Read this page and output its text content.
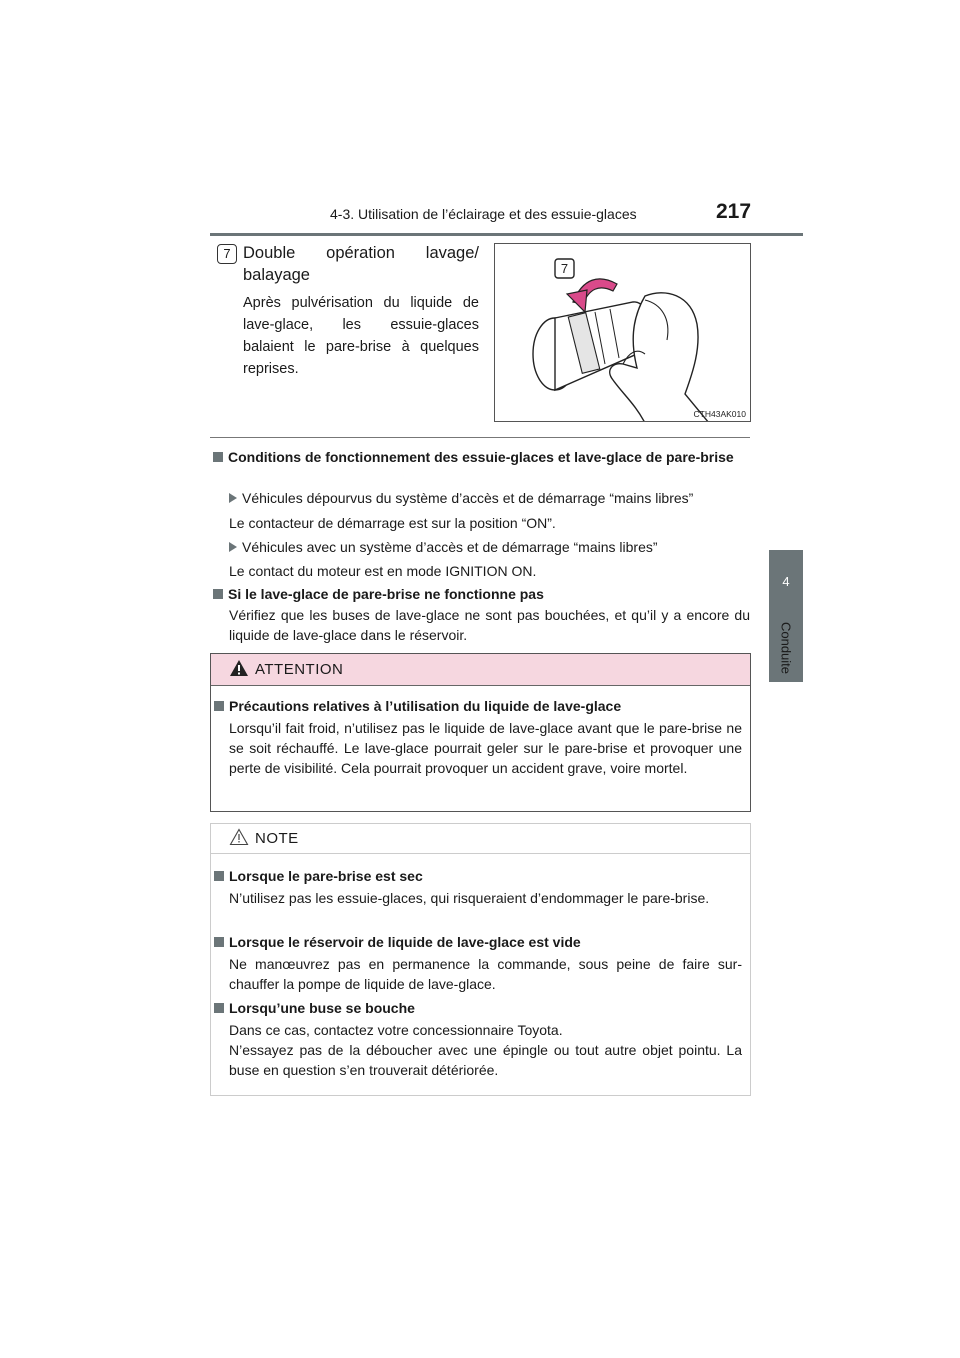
4-3. Utilisation de l’éclairage et des essuie-glaces	217
4
Conduite
7 Double opération lavage/ balayage
Après pulvérisation du liquide de lave-glace, les essuie-glaces balaient le pare-brise à quelques reprises.
7
CTH43AK010
Conditions de fonctionnement des essuie-glaces et lave-glace de pare-brise
Véhicules dépourvus du système d’accès et de démarrage “mains libres”
Le contacteur de démarrage est sur la position “ON”.
Véhicules avec un système d’accès et de démarrage “mains libres”
Le contact du moteur est en mode IGNITION ON.
Si le lave-glace de pare-brise ne fonctionne pas
Vérifiez que les buses de lave-glace ne sont pas bouchées, et qu’il y a encore du liquide de lave-glace dans le réservoir.
ATTENTION
Précautions relatives à l’utilisation du liquide de lave-glace
Lorsqu’il fait froid, n’utilisez pas le liquide de lave-glace avant que le pare-brise ne se soit réchauffé. Le lave-glace pourrait geler sur le pare-brise et provoquer une perte de visibilité. Cela pourrait provoquer un accident grave, voire mortel.
NOTE
Lorsque le pare-brise est sec
N’utilisez pas les essuie-glaces, qui risqueraient d’endommager le pare-brise.
Lorsque le réservoir de liquide de lave-glace est vide
Ne manœuvrez pas en permanence la commande, sous peine de faire sur-chauffer la pompe de liquide de lave-glace.
Lorsqu’une buse se bouche
Dans ce cas, contactez votre concessionnaire Toyota.
N’essayez pas de la déboucher avec une épingle ou tout autre objet pointu. La buse en question s’en trouverait détériorée.
